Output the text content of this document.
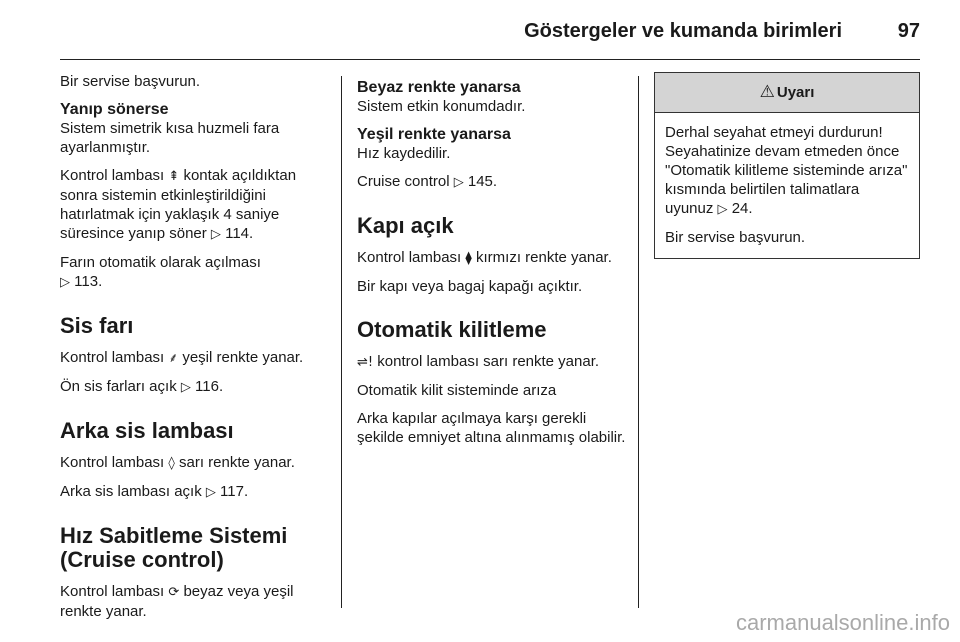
Göstergeler ve kumanda birimleri	97

Bir servise başvurun.

Yanıp sönerse

Sistem simetrik kısa huzmeli fara ayarlanmıştır.

Kontrol lambası ⇞ kontak açıldıktan sonra sistemin etkinleştirildiğini hatırlatmak için yaklaşık 4 saniye süresince yanıp söner ▷ 114.

Farın otomatik olarak açılması
▷ 113.

Sis farı

Kontrol lambası ⸙ yeşil renkte yanar.

Ön sis farları açık ▷ 116.

Arka sis lambası

Kontrol lambası ◊ sarı renkte yanar.

Arka sis lambası açık ▷ 117.

Hız Sabitleme Sistemi (Cruise control)

Kontrol lambası ⟳ beyaz veya yeşil renkte yanar.

Beyaz renkte yanarsa

Sistem etkin konumdadır.

Yeşil renkte yanarsa

Hız kaydedilir.

Cruise control ▷ 145.

Kapı açık

Kontrol lambası ⧫ kırmızı renkte yanar.

Bir kapı veya bagaj kapağı açıktır.

Otomatik kilitleme

⇌! kontrol lambası sarı renkte yanar.

Otomatik kilit sisteminde arıza

Arka kapılar açılmaya karşı gerekli şekilde emniyet altına alınmamış olabilir.

⚠ Uyarı

Derhal seyahat etmeyi durdurun! Seyahatinize devam etmeden önce "Otomatik kilitleme sisteminde arıza" kısmında belirtilen talimatlara uyunuz ▷ 24.

Bir servise başvurun.

carmanualsonline.info
